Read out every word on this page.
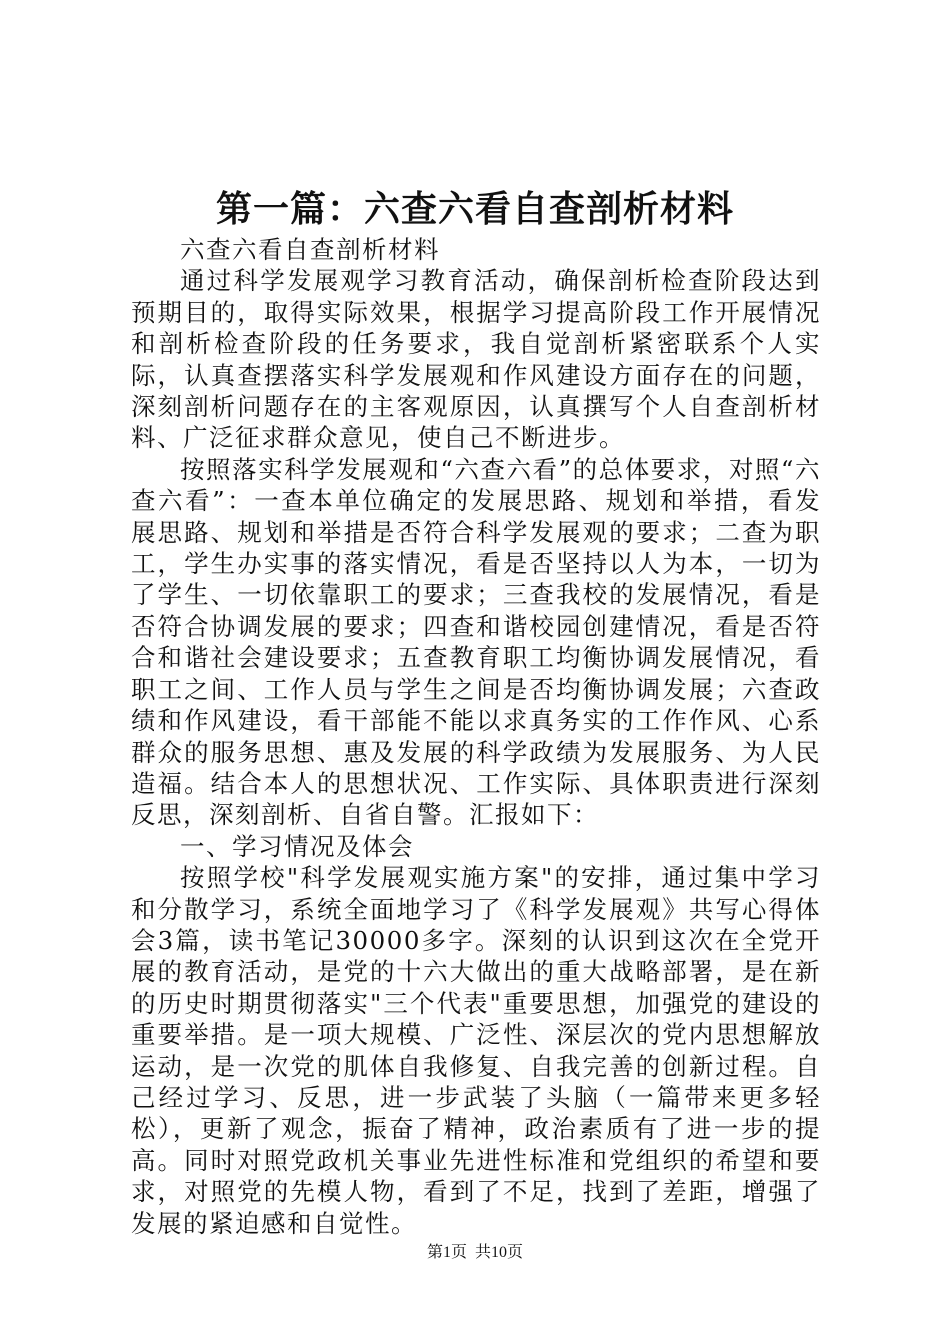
第一篇：六查六看自查剖析材料

六查六看自查剖析材料

通过科学发展观学习教育活动，确保剖析检查阶段达到预期目的，取得实际效果，根据学习提高阶段工作开展情况和剖析检查阶段的任务要求，我自觉剖析紧密联系个人实际，认真查摆落实科学发展观和作风建设方面存在的问题，深刻剖析问题存在的主客观原因，认真撰写个人自查剖析材料、广泛征求群众意见，使自己不断进步。

按照落实科学发展观和“六查六看”的总体要求，对照“六查六看”：一查本单位确定的发展思路、规划和举措，看发展思路、规划和举措是否符合科学发展观的要求；二查为职工，学生办实事的落实情况，看是否坚持以人为本，一切为了学生、一切依靠职工的要求；三查我校的发展情况，看是否符合协调发展的要求；四查和谐校园创建情况，看是否符合和谐社会建设要求；五查教育职工均衡协调发展情况，看职工之间、工作人员与学生之间是否均衡协调发展；六查政绩和作风建设，看干部能不能以求真务实的工作作风、心系群众的服务思想、惠及发展的科学政绩为发展服务、为人民造福。结合本人的思想状况、工作实际、具体职责进行深刻反思，深刻剖析、自省自警。汇报如下：

一、学习情况及体会

按照学校"科学发展观实施方案"的安排，通过集中学习和分散学习，系统全面地学习了《科学发展观》共写心得体会3篇，读书笔记30000多字。深刻的认识到这次在全党开展的教育活动，是党的十六大做出的重大战略部署，是在新的历史时期贯彻落实"三个代表"重要思想，加强党的建设的重要举措。是一项大规模、广泛性、深层次的党内思想解放运动，是一次党的肌体自我修复、自我完善的创新过程。自己经过学习、反思，进一步武装了头脑（一篇带来更多轻松），更新了观念，振奋了精神，政治素质有了进一步的提高。同时对照党政机关事业先进性标准和党组织的希望和要求，对照党的先模人物，看到了不足，找到了差距，增强了发展的紧迫感和自觉性。

第1页 共10页
